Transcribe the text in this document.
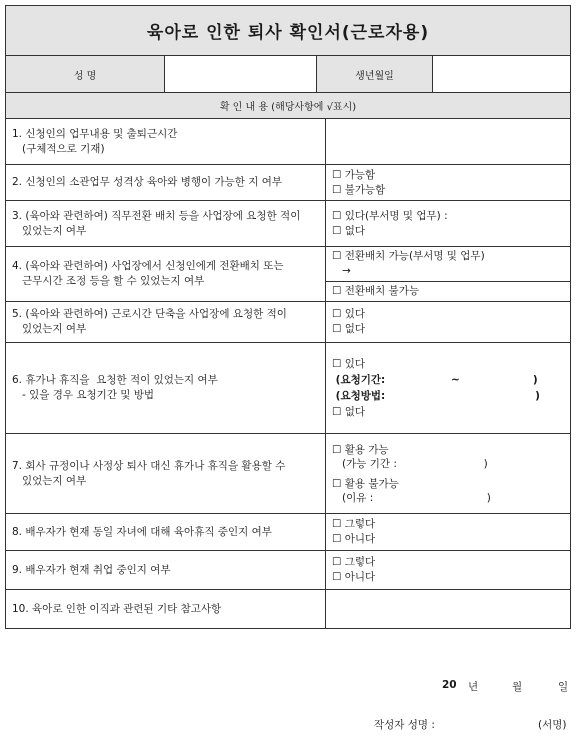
육아로 인한 퇴사 확인서(근로자용)
성 명	생년월일
확 인 내 용 (해당사항에 √표시)
1. 신청인의 업무내용 및 출퇴근시간
(구체적으로 기재)
2. 신청인의 소관업무 성격상 육아와 병행이 가능한 지 여부
☐ 가능함
☐ 불가능함
3. (육아와 관련하여) 직무전환 배치 등을 사업장에 요청한 적이
있었는지 여부
☐ 있다(부서명 및 업무) :
☐ 없다
4. (육아와 관련하여) 사업장에서 신청인에게 전환배치 또는
근무시간 조정 등을 할 수 있었는지 여부
☐ 전환배치 가능(부서명 및 업무)
→
☐ 전환배치 불가능
5. (육아와 관련하여) 근로시간 단축을 사업장에 요청한 적이
있었는지 여부
☐ 있다
☐ 없다
6. 휴가나 휴직을  요청한 적이 있었는지 여부
- 있을 경우 요청기간 및 방법
☐ 있다
(요청기간:                  ~                    )
(요청방법:                                         )
☐ 없다
7. 회사 규정이나 사정상 퇴사 대신 휴가나 휴직을 활용할 수
있었는지 여부
☐ 활용 가능
(가능 기간 :                          )
☐ 활용 불가능
(이유 :                                  )
8. 배우자가 현재 동일 자녀에 대해 육아휴직 중인지 여부
☐ 그렇다
☐ 아니다
9. 배우자가 현재 취업 중인지 여부
☐ 그렇다
☐ 아니다
10. 육아로 인한 이직과 관련된 기타 참고사항
20 년	월	일
작성자 성명 :	(서명)
